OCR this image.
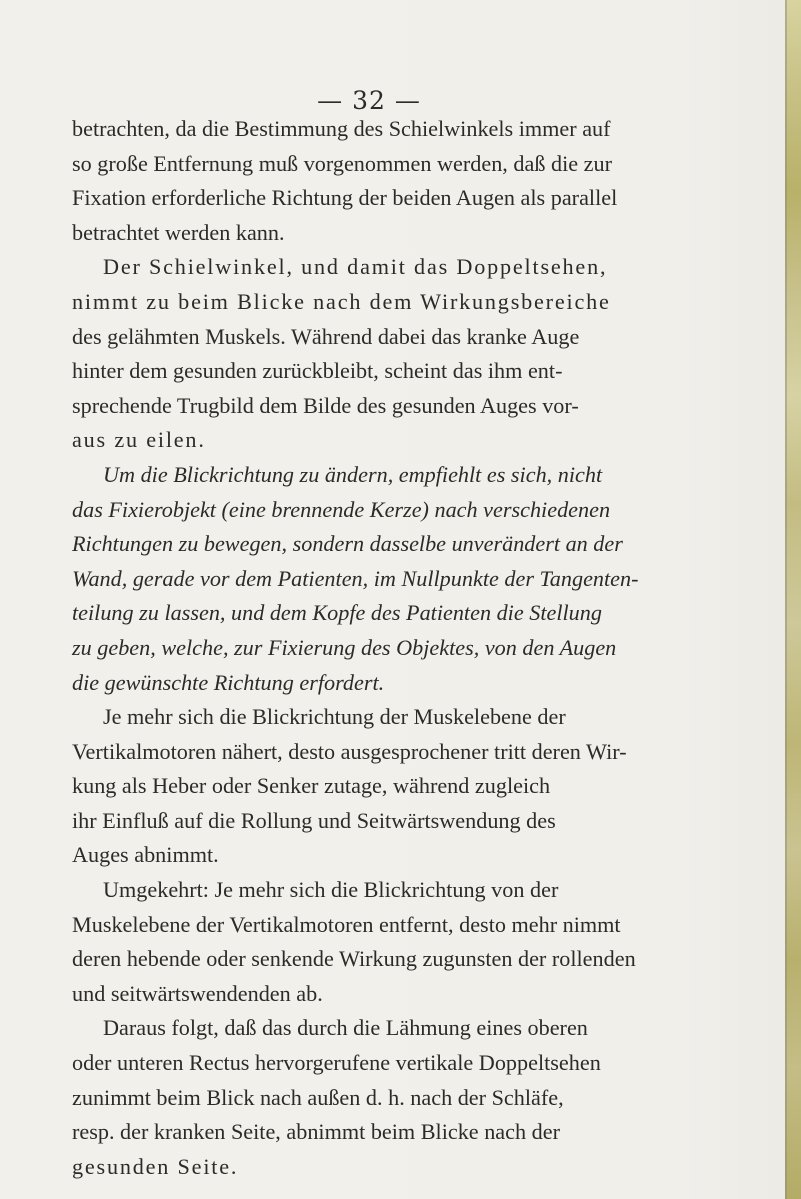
— 32 —
betrachten, da die Bestimmung des Schielwinkels immer auf
so große Entfernung muß vorgenommen werden, daß die zur
Fixation erforderliche Richtung der beiden Augen als parallel
betrachtet werden kann.
Der Schielwinkel, und damit das Doppeltsehen,
nimmt zu beim Blicke nach dem Wirkungsbereiche
des gelähmten Muskels. Während dabei das kranke Auge
hinter dem gesunden zurückbleibt, scheint das ihm ent-
sprechende Trugbild dem Bilde des gesunden Auges vor-
aus zu eilen.
Um die Blickrichtung zu ändern, empfiehlt es sich, nicht
das Fixierobjekt (eine brennende Kerze) nach verschiedenen
Richtungen zu bewegen, sondern dasselbe unverändert an der
Wand, gerade vor dem Patienten, im Nullpunkte der Tangenten-
teilung zu lassen, und dem Kopfe des Patienten die Stellung
zu geben, welche, zur Fixierung des Objektes, von den Augen
die gewünschte Richtung erfordert.
Je mehr sich die Blickrichtung der Muskelebene der
Vertikalmotoren nähert, desto ausgesprochener tritt deren Wir-
kung als Heber oder Senker zutage, während zugleich
ihr Einfluß auf die Rollung und Seitwärtswendung des
Auges abnimmt.
Umgekehrt: Je mehr sich die Blickrichtung von der
Muskelebene der Vertikalmotoren entfernt, desto mehr nimmt
deren hebende oder senkende Wirkung zugunsten der rollenden
und seitwärtswendenden ab.
Daraus folgt, daß das durch die Lähmung eines oberen
oder unteren Rectus hervorgerufene vertikale Doppeltsehen
zunimmt beim Blick nach außen d. h. nach der Schläfe,
resp. der kranken Seite, abnimmt beim Blicke nach der
gesunden Seite.
